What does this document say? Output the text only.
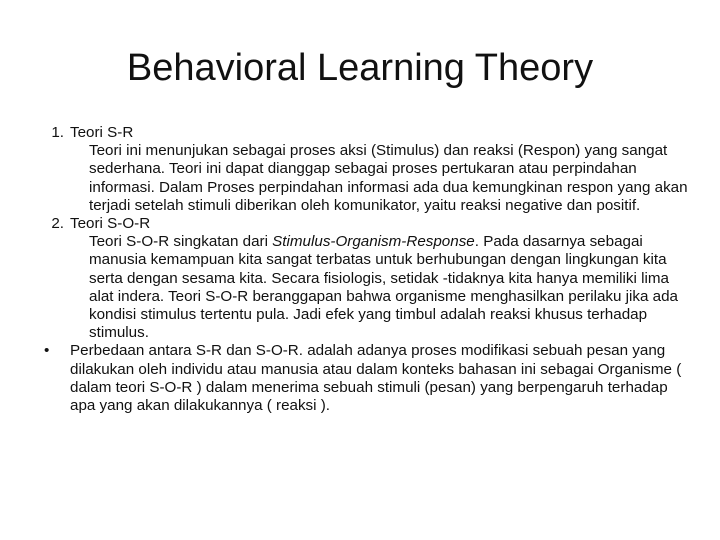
Behavioral Learning Theory
1. Teori S-R
Teori ini menunjukan sebagai proses aksi (Stimulus) dan reaksi (Respon) yang sangat sederhana. Teori ini dapat dianggap sebagai proses pertukaran atau perpindahan informasi. Dalam Proses perpindahan informasi ada dua kemungkinan respon yang akan terjadi setelah stimuli diberikan oleh komunikator, yaitu reaksi negative dan positif.
2. Teori S-O-R
Teori S-O-R singkatan dari Stimulus-Organism-Response. Pada dasarnya sebagai manusia kemampuan kita sangat terbatas untuk berhubungan dengan lingkungan kita serta dengan sesama kita. Secara fisiologis, setidak -tidaknya kita hanya memiliki lima alat indera. Teori S-O-R beranggapan bahwa organisme menghasilkan perilaku jika ada kondisi stimulus tertentu pula. Jadi efek yang timbul adalah reaksi khusus terhadap stimulus.
• Perbedaan antara S-R dan S-O-R. adalah adanya proses modifikasi sebuah pesan yang dilakukan oleh individu atau manusia atau dalam konteks bahasan ini sebagai Organisme ( dalam teori S-O-R ) dalam menerima sebuah stimuli (pesan) yang berpengaruh terhadap apa yang akan dilakukannya ( reaksi ).
